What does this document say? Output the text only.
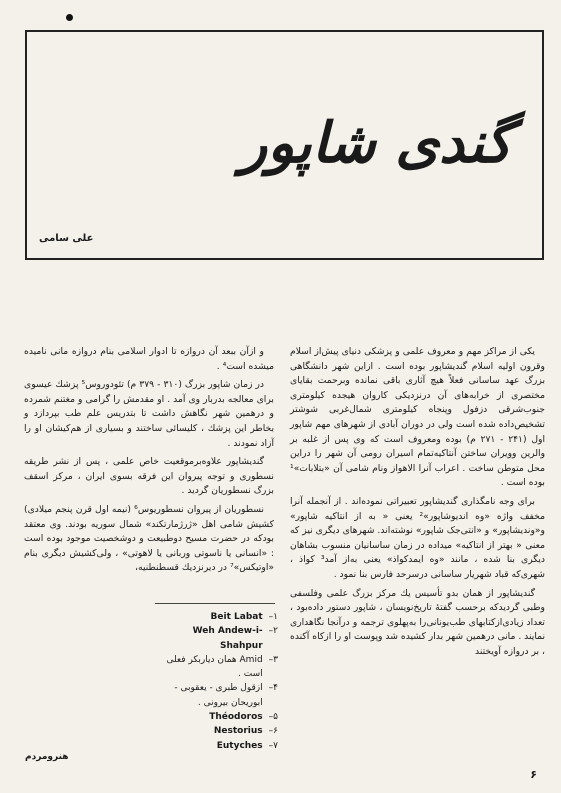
گندی شاپور
علی سامی

یکی از مراکز مهم و معروف علمی و پزشکی دنیای پیش‌از اسلام وقرون اولیه اسلام گندیشاپور بوده است . ازاین شهر دانشگاهی بزرگ عهد ساسانی فعلاً هیچ آثاری باقی نمانده وبرحمت بقایای مختصری از خرابه‌های آن درنزدیکی کاروان هیجده کیلومتری جنوب‌شرقی دزفول وپنجاه کیلومتری شمال‌غربی شوشتر تشخیص‌داده شده است ولی در دوران آبادی از شهرهای مهم شاپور اول (۲۴۱ - ۲۷۱ م) بوده ومعروف است که وی پس از غلبه بر والرین وویران ساختن آنتاکیه‌تمام اسیران رومی آن شهر را دراین محل متوطن ساخت . اعراب آنرا الاهواز ونام شامی آن «بتلابات»¹ بوده است .

برای وجه نامگذاری گندیشاپور تعبیراتی نموده‌اند . از آنجمله آنرا مخفف واژه «وه اندیوشاپور»² یعنی « به از انتاکیه شاپور» و«وندیشاپور» و «انتی‌جک شاپور» نوشته‌اند. شهرهای دیگری نیز که معنی « بهتر از انتاکیه» میداده در زمان ساسانیان منسوب بشاهان دیگری بنا شده ، مانند «وه ایمدکواذ» یعنی به‌از آمد³ کواذ ، شهری‌که قباد شهریار ساسانی درسرحد فارس بنا نمود .

گندیشاپور از همان بدو تأسیس یك مرکز بزرگ علمی وفلسفی وطبی گردیدکه برحسب گفتۀ تاریخ‌نویسان ، شاپور دستور داده‌بود ، تعداد زیادی‌ازکتابهای طب‌یونانی‌را به‌پهلوی ترجمه و درآنجا نگاهداری نمایند . مانی درهمین شهر بدار کشیده شد وپوست او را ازکاه آکنده ، بر دروازه آویختند

و ازآن ببعد آن دروازه تا ادوار اسلامی بنام دروازه مانی نامیده میشده است⁴ .

در زمان شاپور بزرگ (۳۱۰ - ۳۷۹ م) تئودوروس⁵ پزشك عیسوی برای معالجه بدربار وی آمد . او مقدمش را گرامی و مغتنم شمرده و درهمین شهر نگاهش داشت تا بتدریس علم طب بپردازد و بخاطر این پزشك ، کلیسائی ساختند و بسیاری از هم‌کیشان او را آزاد نمودند .

گندیشاپور علاوه‌برموقعیت خاص علمی ، پس از نشر طریقه نسطوری و توجه پیروان این فرقه بسوی ایران ، مرکز اسقف بزرگ نسطوریان گردید .

نسطوریان از پیروان نسطوریوس⁶ (نیمه اول قرن پنجم میلادی) کشیش شامی اهل «ژرژمارتکند» شمال سوریه بودند. وی معتقد بودکه در حضرت مسیح دوطبیعت و دوشخصیت موجود بوده است : «انسانی یا ناسوتی وربانی یا لاهوتی» ، ولی‌کشیش دیگری بنام «اوتیکس»⁷ در دیرنزدیك قسطنطنیه،

Beit Labat –۱
Weh Andew-i-Shahpur
–۲
Amid همان دیاربکر فعلی است .
–۳
ازقول طبری - یعقوبی - ابوریحان بیرونی .
–۴
Théodoros –۵
Nestorius –۶
Eutyches –۷
هنرومردم
۶
